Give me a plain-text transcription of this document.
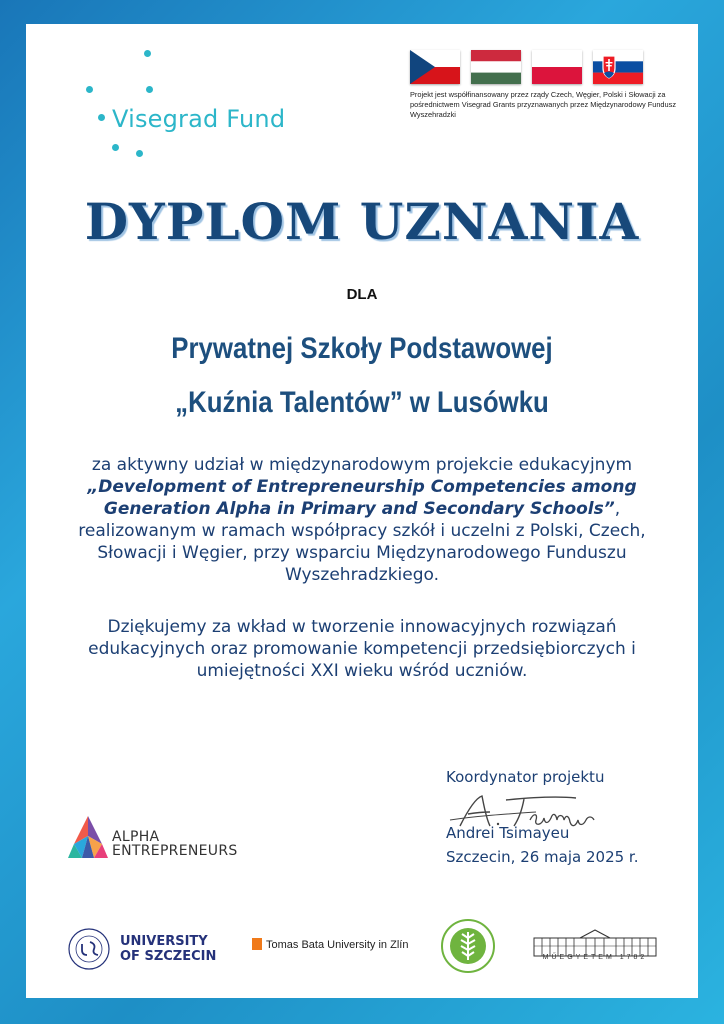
Visegrad Fund
Projekt jest współfinansowany przez rządy Czech, Węgier, Polski i Słowacji za pośrednictwem Visegrad Grants przyznawanych przez Międzynarodowy Fundusz Wyszehradzki
DYPLOM UZNANIA
DLA
Prywatnej Szkoły Podstawowej
„Kuźnia Talentów” w Lusówku
za aktywny udział w międzynarodowym projekcie edukacyjnym „Development of Entrepreneurship Competencies among Generation Alpha in Primary and Secondary Schools”, realizowanym w ramach współpracy szkół i uczelni z Polski, Czech, Słowacji i Węgier, przy wsparciu Międzynarodowego Funduszu Wyszehradzkiego.
Dziękujemy za wkład w tworzenie innowacyjnych rozwiązań edukacyjnych oraz promowanie kompetencji przedsiębiorczych i umiejętności XXI wieku wśród uczniów.
Koordynator projektu
Andrei Tsimayeu
Szczecin, 26 maja 2025 r.
ALPHA
ENTREPRENEURS
UNIVERSITY
OF SZCZECIN
Tomas Bata University in Zlín
MŰEGYETEM 1782
